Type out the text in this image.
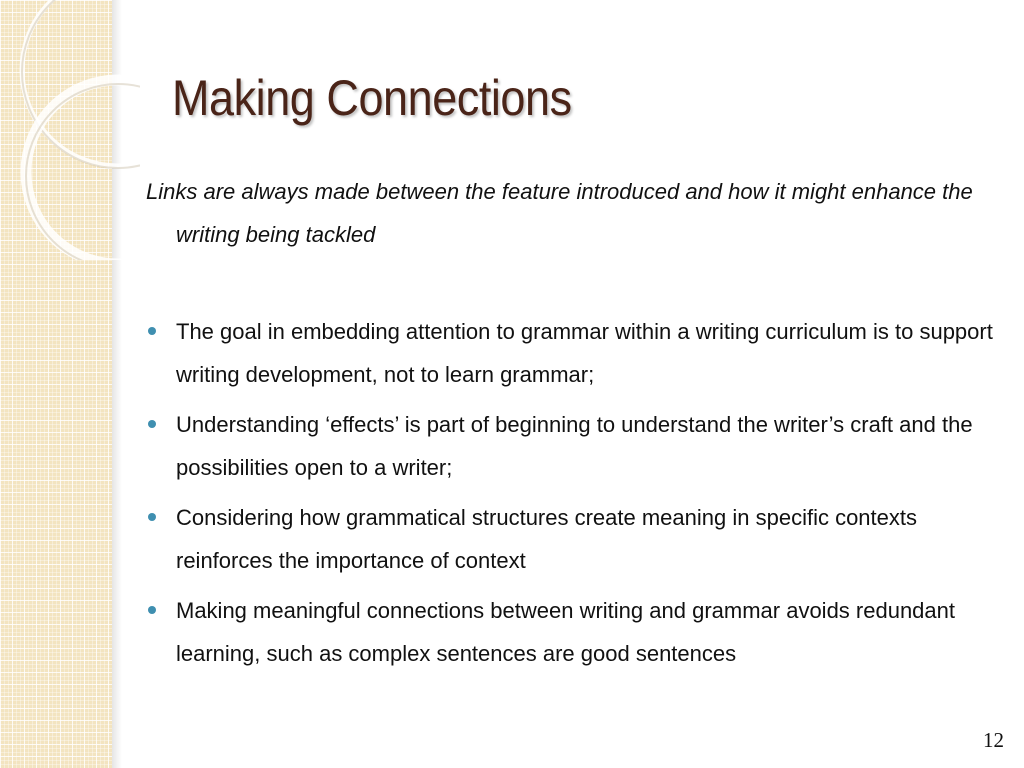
Making Connections

Links are always made between the feature introduced and how it might enhance the writing being tackled

The goal in embedding attention to grammar within a writing curriculum is to support writing development, not to learn grammar;
Understanding ‘effects’ is part of beginning to understand the writer’s craft and the possibilities open to a writer;
Considering how grammatical structures create meaning in specific contexts reinforces the importance of context
Making meaningful connections between writing and grammar avoids redundant learning, such as complex sentences are good sentences
12
